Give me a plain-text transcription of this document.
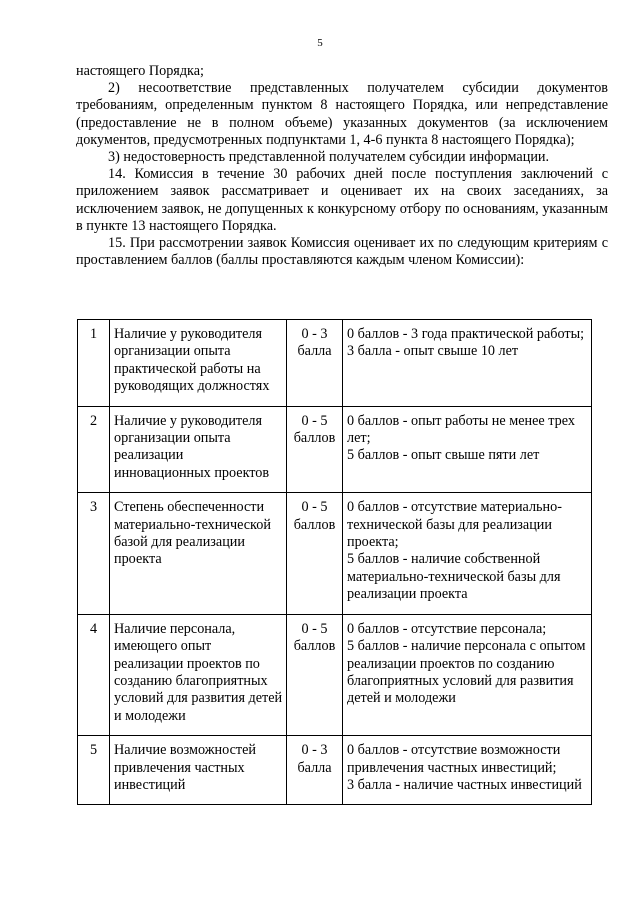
5

настоящего Порядка;

2) несоответствие представленных получателем субсидии документов требованиям, определенным пунктом 8 настоящего Порядка, или непредставление (предоставление не в полном объеме) указанных документов (за исключением документов, предусмотренных подпунктами 1, 4-6 пункта 8 настоящего Порядка);

3) недостоверность представленной получателем субсидии информации.

14. Комиссия в течение 30 рабочих дней после поступления заключений с приложением заявок рассматривает и оценивает их на своих заседаниях, за исключением заявок, не допущенных к конкурсному отбору по основаниям, указанным в пункте 13 настоящего Порядка.

15. При рассмотрении заявок Комиссия оценивает их по следующим критериям с проставлением баллов (баллы проставляются каждым членом Комиссии):

1	Наличие у руководителя организации опыта практической работы на руководящих должностях	0 - 3
балла	0 баллов - 3 года практической работы;
3 балла - опыт свыше 10 лет

2	Наличие у руководителя организации опыта реализации инновационных проектов	0 - 5
баллов	0 баллов - опыт работы не менее трех лет;
5 баллов - опыт свыше пяти лет

3	Степень обеспеченности материально-технической базой для реализации проекта	0 - 5
баллов	0 баллов - отсутствие материально-технической базы для реализации проекта;
5 баллов - наличие собственной материально-технической базы для реализации проекта

4	Наличие персонала, имеющего опыт реализации проектов по созданию благоприятных условий для развития детей и молодежи	0 - 5
баллов	0 баллов - отсутствие персонала;
5 баллов - наличие персонала с опытом реализации проектов по созданию благоприятных условий для развития детей и молодежи

5	Наличие возможностей привлечения частных инвестиций	0 - 3
балла	0 баллов - отсутствие возможности привлечения частных инвестиций;
3 балла - наличие частных инвестиций
